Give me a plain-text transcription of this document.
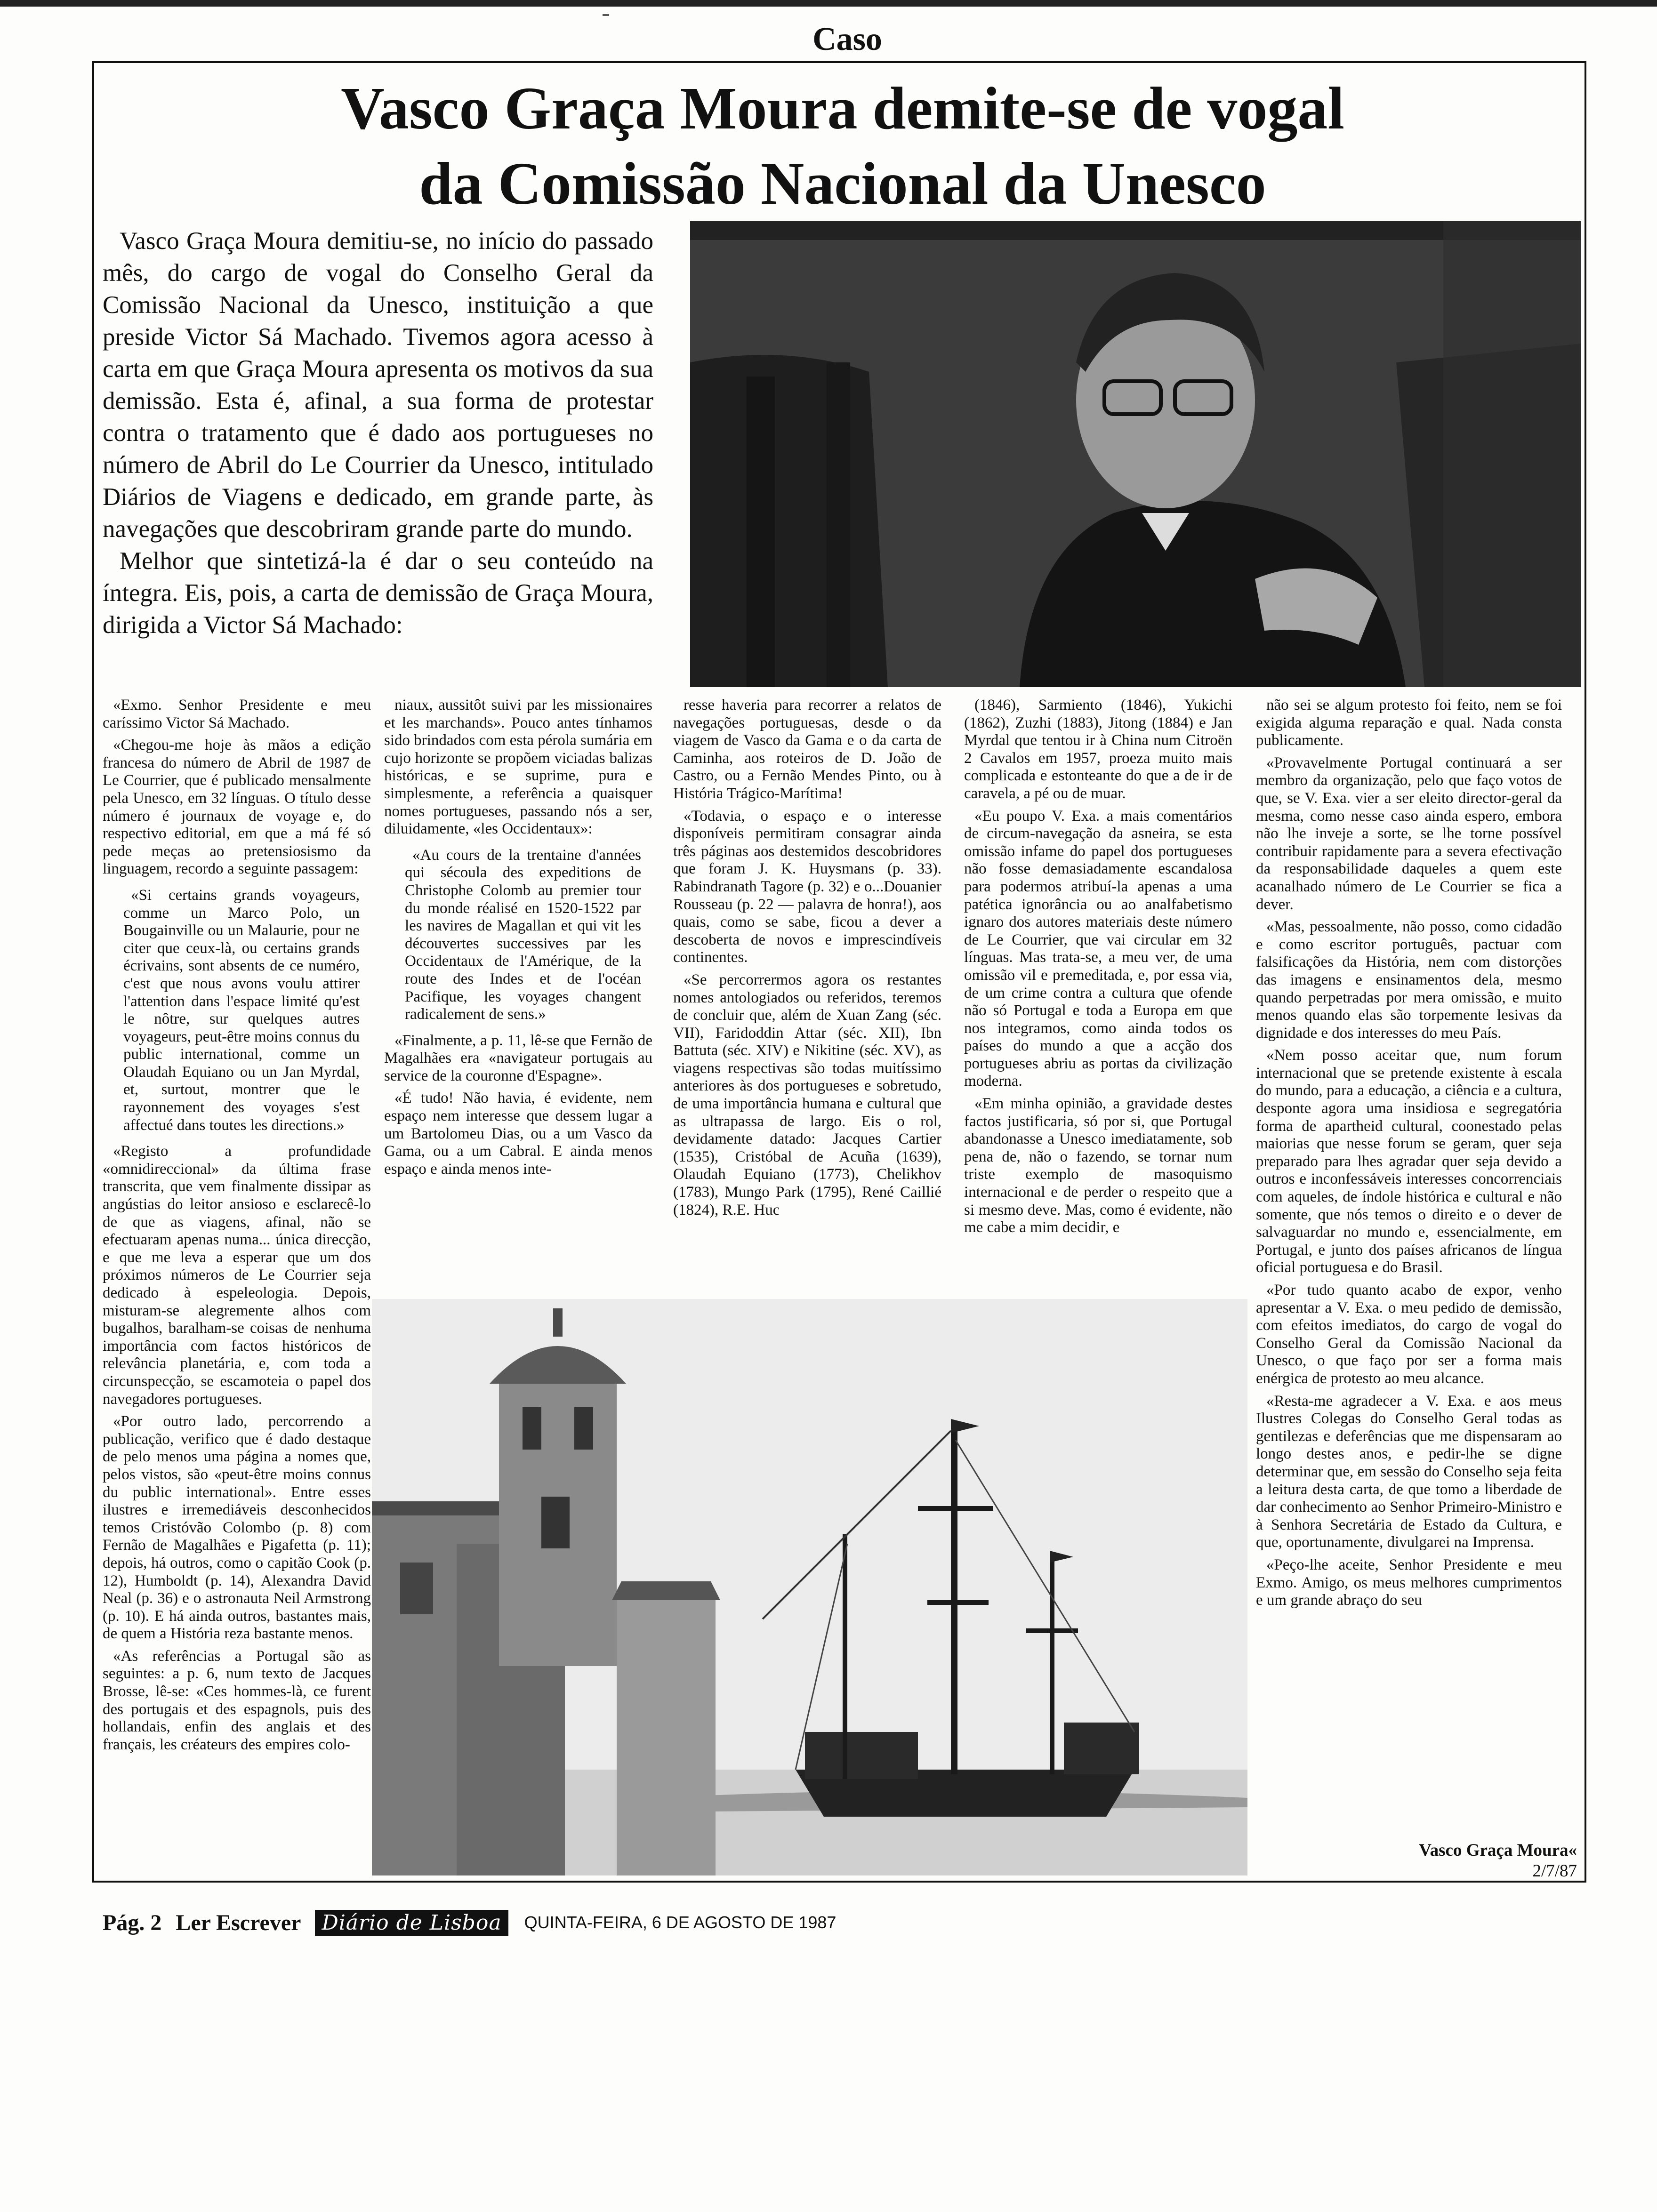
Caso
Vasco Graça Moura demite-se de vogal
da Comissão Nacional da Unesco

Vasco Graça Moura demitiu-se, no início do passado mês, do cargo de vogal do Conselho Geral da Comissão Nacional da Unesco, instituição a que preside Victor Sá Machado. Tivemos agora acesso à carta em que Graça Moura apresenta os motivos da sua demissão. Esta é, afinal, a sua forma de protestar contra o tratamento que é dado aos portugueses no número de Abril do Le Courrier da Unesco, intitulado Diários de Viagens e dedicado, em grande parte, às navegações que descobriram grande parte do mundo.

Melhor que sintetizá-la é dar o seu conteúdo na íntegra. Eis, pois, a carta de demissão de Graça Moura, dirigida a Victor Sá Machado:

«Exmo. Senhor Presidente e meu caríssimo Victor Sá Machado.

«Chegou-me hoje às mãos a edição francesa do número de Abril de 1987 de Le Courrier, que é publicado mensalmente pela Unesco, em 32 línguas. O título desse número é journaux de voyage e, do respectivo editorial, em que a má fé só pede meças ao pretensiosismo da linguagem, recordo a seguinte passagem:

«Si certains grands voyageurs, comme un Marco Polo, un Bougainville ou un Malaurie, pour ne citer que ceux-là, ou certains grands écrivains, sont absents de ce numéro, c'est que nous avons voulu attirer l'attention dans l'espace limité qu'est le nôtre, sur quelques autres voyageurs, peut-être moins connus du public international, comme un Olaudah Equiano ou un Jan Myrdal, et, surtout, montrer que le rayonnement des voyages s'est affectué dans toutes les directions.»

«Registo a profundidade «omnidireccional» da última frase transcrita, que vem finalmente dissipar as angústias do leitor ansioso e esclarecê-lo de que as viagens, afinal, não se efectuaram apenas numa... única direcção, e que me leva a esperar que um dos próximos números de Le Courrier seja dedicado à espeleologia. Depois, misturam-se alegremente alhos com bugalhos, baralham-se coisas de nenhuma importância com factos históricos de relevância planetária, e, com toda a circunspecção, se escamoteia o papel dos navegadores portugueses.

«Por outro lado, percorrendo a publicação, verifico que é dado destaque de pelo menos uma página a nomes que, pelos vistos, são «peut-être moins connus du public international». Entre esses ilustres e irremediáveis desconhecidos temos Cristóvão Colombo (p. 8) com Fernão de Magalhães e Pigafetta (p. 11); depois, há outros, como o capitão Cook (p. 12), Humboldt (p. 14), Alexandra David Neal (p. 36) e o astronauta Neil Armstrong (p. 10). E há ainda outros, bastantes mais, de quem a História reza bastante menos.

«As referências a Portugal são as seguintes: a p. 6, num texto de Jacques Brosse, lê-se: «Ces hommes-là, ce furent des portugais et des espagnols, puis des hollandais, enfin des anglais et des français, les créateurs des empires colo-

niaux, aussitôt suivi par les missionaires et les marchands». Pouco antes tínhamos sido brindados com esta pérola sumária em cujo horizonte se propõem viciadas balizas históricas, e se suprime, pura e simplesmente, a referência a quaisquer nomes portugueses, passando nós a ser, diluidamente, «les Occidentaux»:

«Au cours de la trentaine d'années qui sécoula des expeditions de Christophe Colomb au premier tour du monde réalisé en 1520-1522 par les navires de Magallan et qui vit les découvertes successives par les Occidentaux de l'Amérique, de la route des Indes et de l'océan Pacifique, les voyages changent radicalement de sens.»

«Finalmente, a p. 11, lê-se que Fernão de Magalhães era «navigateur portugais au service de la couronne d'Espagne».

«É tudo! Não havia, é evidente, nem espaço nem interesse que dessem lugar a um Bartolomeu Dias, ou a um Vasco da Gama, ou a um Cabral. E ainda menos espaço e ainda menos inte-

resse haveria para recorrer a relatos de navegações portuguesas, desde o da viagem de Vasco da Gama e o da carta de Caminha, aos roteiros de D. João de Castro, ou a Fernão Mendes Pinto, ou à História Trágico-Marítima!

«Todavia, o espaço e o interesse disponíveis permitiram consagrar ainda três páginas aos destemidos descobridores que foram J. K. Huysmans (p. 33). Rabindranath Tagore (p. 32) e o...Douanier Rousseau (p. 22 — palavra de honra!), aos quais, como se sabe, ficou a dever a descoberta de novos e imprescindíveis continentes.

«Se percorrermos agora os restantes nomes antologiados ou referidos, teremos de concluir que, além de Xuan Zang (séc. VII), Faridoddin Attar (séc. XII), Ibn Battuta (séc. XIV) e Nikitine (séc. XV), as viagens respectivas são todas muitíssimo anteriores às dos portugueses e sobretudo, de uma importância humana e cultural que as ultrapassa de largo. Eis o rol, devidamente datado: Jacques Cartier (1535), Cristóbal de Acuña (1639), Olaudah Equiano (1773), Chelikhov (1783), Mungo Park (1795), René Caillié (1824), R.E. Huc

(1846), Sarmiento (1846), Yukichi (1862), Zuzhi (1883), Jitong (1884) e Jan Myrdal que tentou ir à China num Citroën 2 Cavalos em 1957, proeza muito mais complicada e estonteante do que a de ir de caravela, a pé ou de muar.

«Eu poupo V. Exa. a mais comentários de circum-navegação da asneira, se esta omissão infame do papel dos portugueses não fosse demasiadamente escandalosa para podermos atribuí-la apenas a uma patética ignorância ou ao analfabetismo ignaro dos autores materiais deste número de Le Courrier, que vai circular em 32 línguas. Mas trata-se, a meu ver, de uma omissão vil e premeditada, e, por essa via, de um crime contra a cultura que ofende não só Portugal e toda a Europa em que nos integramos, como ainda todos os países do mundo a que a acção dos portugueses abriu as portas da civilização moderna.

«Em minha opinião, a gravidade destes factos justificaria, só por si, que Portugal abandonasse a Unesco imediatamente, sob pena de, não o fazendo, se tornar num triste exemplo de masoquismo internacional e de perder o respeito que a si mesmo deve. Mas, como é evidente, não me cabe a mim decidir, e

não sei se algum protesto foi feito, nem se foi exigida alguma reparação e qual. Nada consta publicamente.

«Provavelmente Portugal continuará a ser membro da organização, pelo que faço votos de que, se V. Exa. vier a ser eleito director-geral da mesma, como nesse caso ainda espero, embora não lhe inveje a sorte, se lhe torne possível contribuir rapidamente para a severa efectivação da responsabilidade daqueles a quem este acanalhado número de Le Courrier se fica a dever.

«Mas, pessoalmente, não posso, como cidadão e como escritor português, pactuar com falsificações da História, nem com distorções das imagens e ensinamentos dela, mesmo quando perpetradas por mera omissão, e muito menos quando elas são torpemente lesivas da dignidade e dos interesses do meu País.

«Nem posso aceitar que, num forum internacional que se pretende existente à escala do mundo, para a educação, a ciência e a cultura, desponte agora uma insidiosa e segregatória forma de apartheid cultural, coonestado pelas maiorias que nesse forum se geram, quer seja preparado para lhes agradar quer seja devido a outros e inconfessáveis interesses concorrenciais com aqueles, de índole histórica e cultural e não somente, que nós temos o direito e o dever de salvaguardar no mundo e, essencialmente, em Portugal, e junto dos países africanos de língua oficial portuguesa e do Brasil.

«Por tudo quanto acabo de expor, venho apresentar a V. Exa. o meu pedido de demissão, com efeitos imediatos, do cargo de vogal do Conselho Geral da Comissão Nacional da Unesco, o que faço por ser a forma mais enérgica de protesto ao meu alcance.

«Resta-me agradecer a V. Exa. e aos meus Ilustres Colegas do Conselho Geral todas as gentilezas e deferências que me dispensaram ao longo destes anos, e pedir-lhe se digne determinar que, em sessão do Conselho seja feita a leitura desta carta, de que tomo a liberdade de dar conhecimento ao Senhor Primeiro-Ministro e à Senhora Secretária de Estado da Cultura, e que, oportunamente, divulgarei na Imprensa.

«Peço-lhe aceite, Senhor Presidente e meu Exmo. Amigo, os meus melhores cumprimentos e um grande abraço do seu

Vasco Graça Moura«
2/7/87
Pág. 2 Ler Escrever	Diário de Lisboa	QUINTA-FEIRA, 6 DE AGOSTO DE 1987
